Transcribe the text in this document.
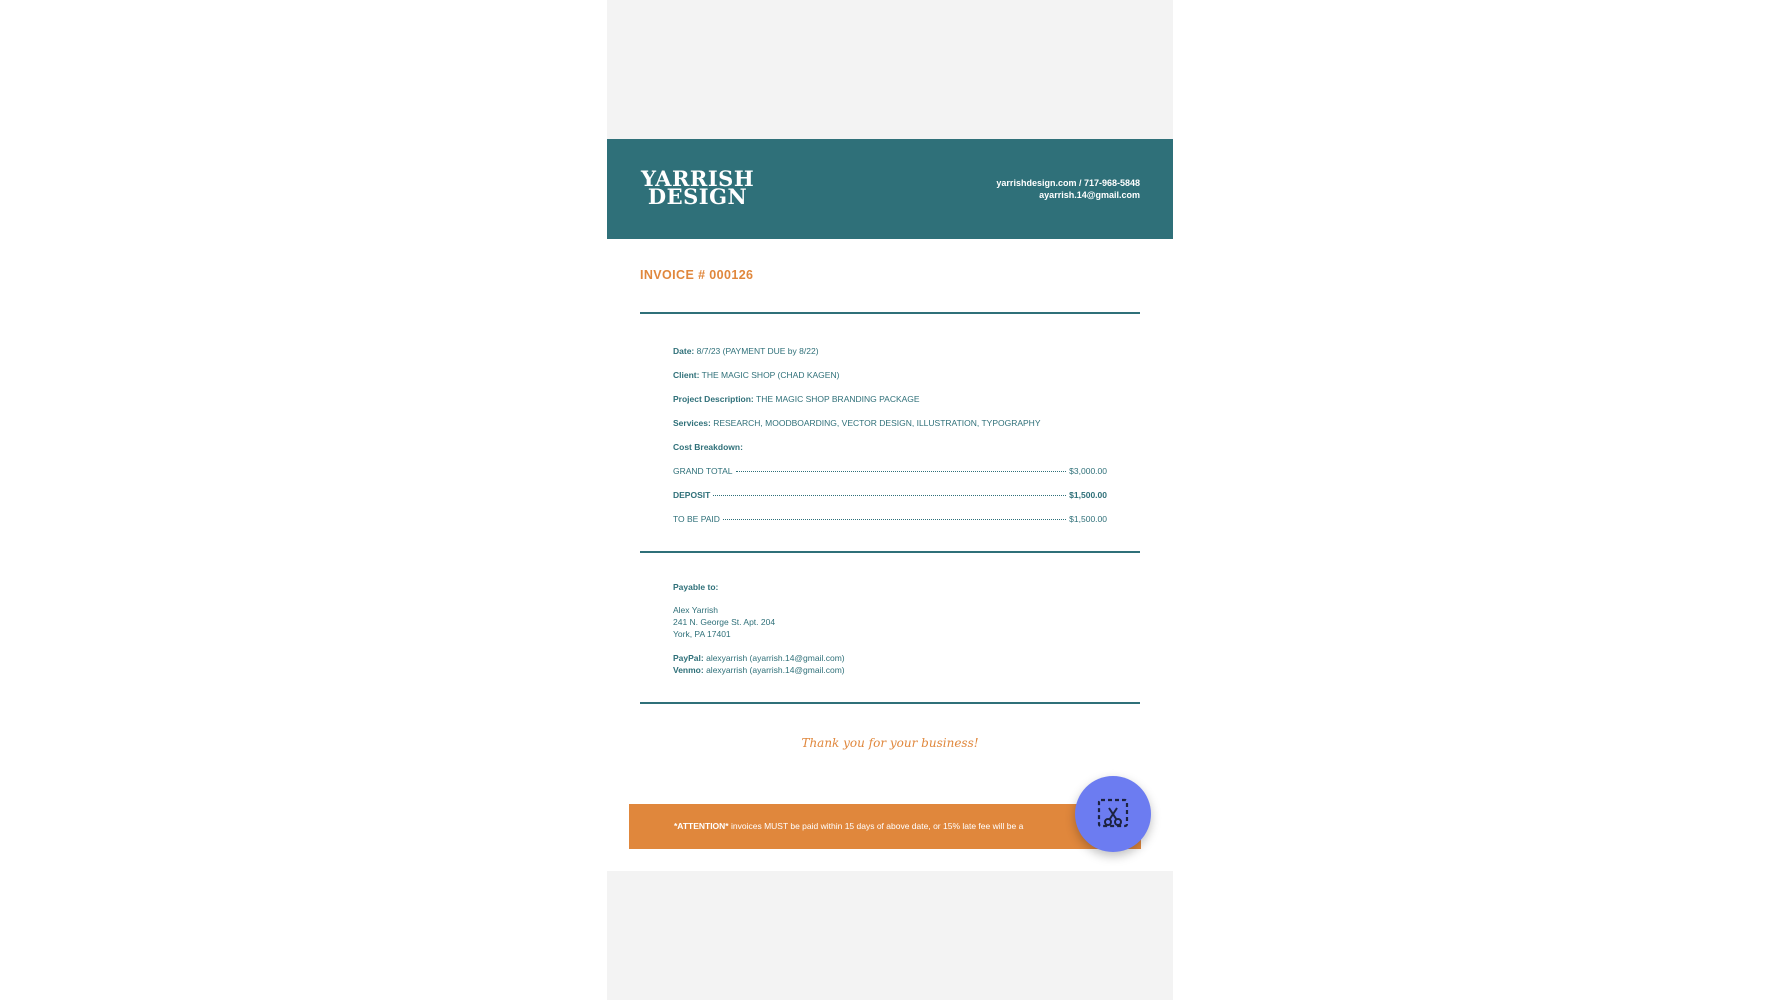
YARRISH
DESIGN
yarrishdesign.com / 717-968-5848
ayarrish.14@gmail.com
INVOICE # 000126
Date: 8/7/23 (PAYMENT DUE by 8/22)
Client: THE MAGIC SHOP (CHAD KAGEN)
Project Description: THE MAGIC SHOP BRANDING PACKAGE
Services: RESEARCH, MOODBOARDING, VECTOR DESIGN, ILLUSTRATION, TYPOGRAPHY
Cost Breakdown:
GRAND TOTAL	$3,000.00
DEPOSIT	$1,500.00
TO BE PAID	$1,500.00
Payable to:
Alex Yarrish
241 N. George St. Apt. 204
York, PA 17401
PayPal: alexyarrish (ayarrish.14@gmail.com)
Venmo: alexyarrish (ayarrish.14@gmail.com)
Thank you for your business!
*ATTENTION* invoices MUST be paid within 15 days of above date, or 15% late fee will be a
